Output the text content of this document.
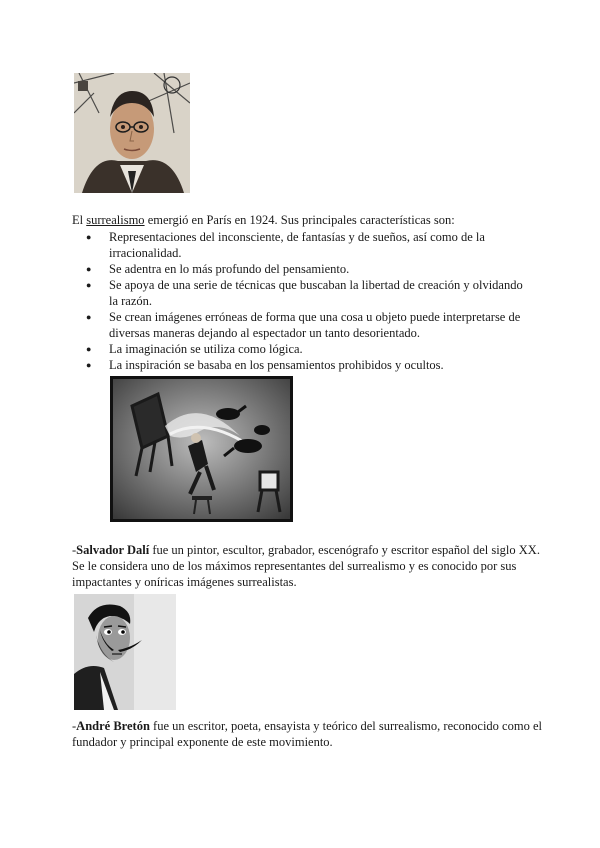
El surrealismo emergió en París en 1924. Sus principales características son:

● Representaciones del inconsciente, de fantasías y de sueños, así como de la irracionalidad.
● Se adentra en lo más profundo del pensamiento.
● Se apoya de una serie de técnicas que buscaban la libertad de creación y olvidando la razón.
● Se crean imágenes erróneas de forma que una cosa u objeto puede interpretarse de diversas maneras dejando al espectador un tanto desorientado.
● La imaginación se utiliza como lógica.
● La inspiración se basaba en los pensamientos prohibidos y ocultos.

-Salvador Dalí fue un pintor, escultor, grabador, escenógrafo y escritor español del siglo XX. Se le considera uno de los máximos representantes del surrealismo y es conocido por sus impactantes y oníricas imágenes surrealistas.

-André Bretón fue un escritor, poeta, ensayista y teórico del surrealismo, reconocido como el fundador y principal exponente de este movimiento.
